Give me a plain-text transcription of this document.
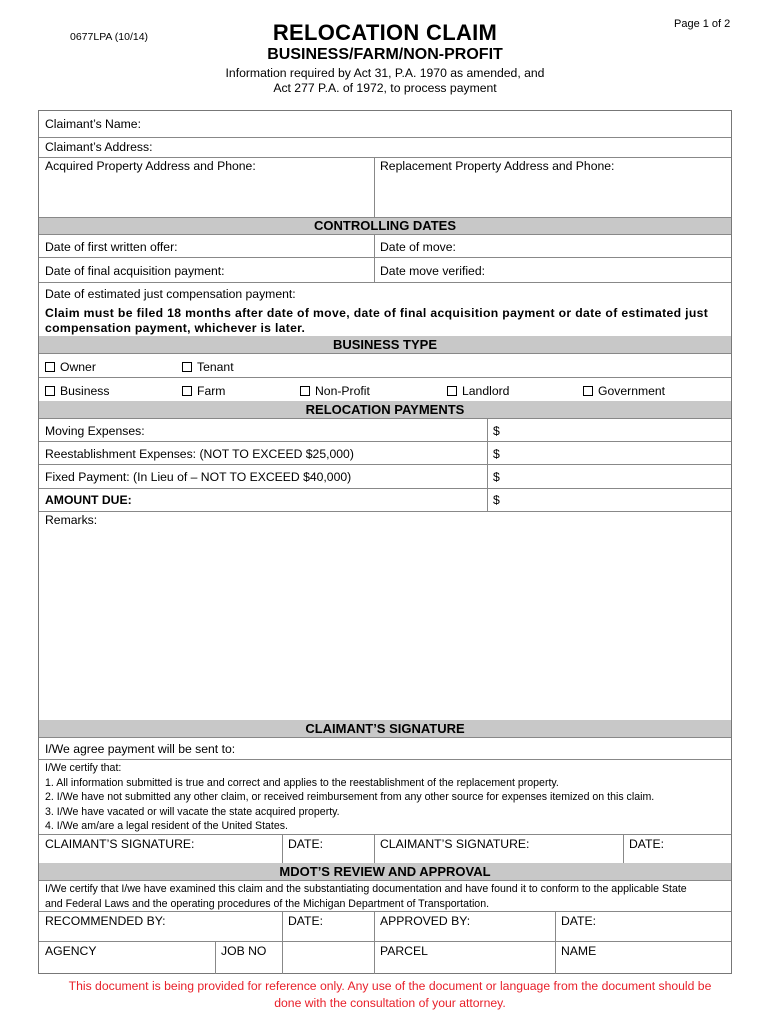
0677LPA (10/14)
Page 1 of 2
RELOCATION CLAIM
BUSINESS/FARM/NON-PROFIT
Information required by Act 31, P.A. 1970 as amended, and
Act 277 P.A. of 1972, to process payment
Claimant’s Name:
Claimant’s Address:
Acquired Property Address and Phone:	Replacement Property Address and Phone:
CONTROLLING DATES
Date of first written offer:	Date of move:
Date of final acquisition payment:	Date move verified:
Date of estimated just compensation payment:
Claim must be filed 18 months after date of move, date of final acquisition payment or date of estimated just
compensation payment, whichever is later.
BUSINESS TYPE
Owner	Tenant
Business	Farm	Non-Profit	Landlord	Government
RELOCATION PAYMENTS
Moving Expenses:	$
Reestablishment Expenses: (NOT TO EXCEED $25,000)	$
Fixed Payment: (In Lieu of – NOT TO EXCEED $40,000)	$
AMOUNT DUE:	$
Remarks:
CLAIMANT’S SIGNATURE
I/We agree payment will be sent to:
I/We certify that:
1. All information submitted is true and correct and applies to the reestablishment of the replacement property.
2. I/We have not submitted any other claim, or received reimbursement from any other source for expenses itemized on this claim.
3. I/We have vacated or will vacate the state acquired property.
4. I/We am/are a legal resident of the United States.
CLAIMANT’S SIGNATURE:	DATE:	CLAIMANT’S SIGNATURE:	DATE:
MDOT’S REVIEW AND APPROVAL
I/We certify that I/we have examined this claim and the substantiating documentation and have found it to conform to the applicable State
and Federal Laws and the operating procedures of the Michigan Department of Transportation.
RECOMMENDED BY:	DATE:	APPROVED BY:	DATE:
AGENCY	JOB NO	PARCEL	NAME
This document is being provided for reference only. Any use of the document or language from the document should be
done with the consultation of your attorney.
